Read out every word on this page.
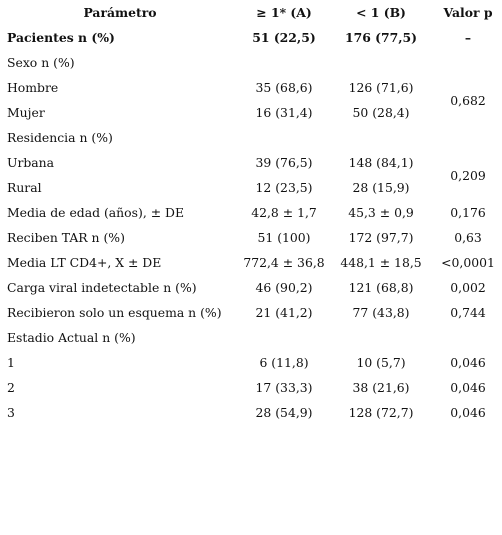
Parámetro	≥ 1* (A)	< 1 (B)	Valor p
Pacientes n (%)	51 (22,5)	176 (77,5)	–
Sexo n (%)			
Hombre	35 (68,6)	126 (71,6)	0,682
Mujer	16 (31,4)	50 (28,4)	
Residencia n (%)			
Urbana	39 (76,5)	148 (84,1)	0,209
Rural	12 (23,5)	28 (15,9)	
Media de edad (años), ± DE	42,8 ± 1,7	45,3 ± 0,9	0,176
Reciben TAR n (%)	51 (100)	172 (97,7)	0,63
Media LT CD4+, X ± DE	772,4 ± 36,8	448,1 ± 18,5	<0,0001
Carga viral indetectable n (%)	46 (90,2)	121 (68,8)	0,002
Recibieron solo un esquema n (%)	21 (41,2)	77 (43,8)	0,744
Estadio Actual n (%)			
1	6 (11,8)	10 (5,7)	0,046
2	17 (33,3)	38 (21,6)	0,046
3	28 (54,9)	128 (72,7)	0,046
